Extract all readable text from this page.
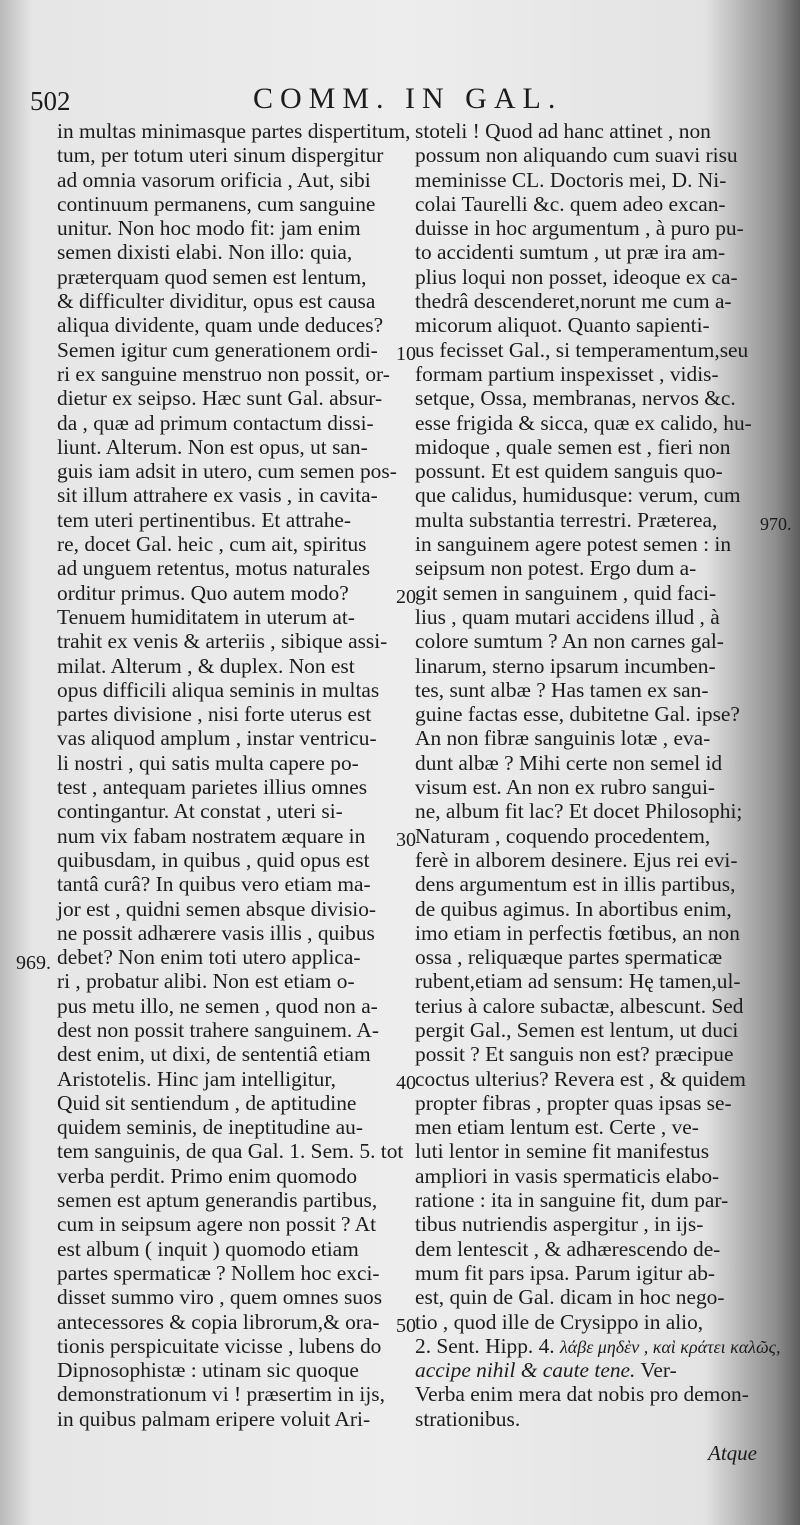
502	COMM. IN GAL.
in multas minimasque partes dispertitum,
tum, per totum uteri sinum dispergitur
ad omnia vasorum orificia , Aut, sibi
continuum permanens, cum sanguine
unitur. Non hoc modo fit: jam enim
semen dixisti elabi. Non illo: quia,
præterquam quod semen est lentum,
& difficulter dividitur, opus est causa
aliqua dividente, quam unde deduces?
Semen igitur cum generationem ordi-
ri ex sanguine menstruo non possit, or-
dietur ex seipso. Hæc sunt Gal. absur-
da , quæ ad primum contactum dissi-
liunt. Alterum. Non est opus, ut san-
guis iam adsit in utero, cum semen pos-
sit illum attrahere ex vasis , in cavita-
tem uteri pertinentibus. Et attrahe-
re, docet Gal. heic , cum ait, spiritus
ad unguem retentus, motus naturales
orditur primus. Quo autem modo?
Tenuem humiditatem in uterum at-
trahit ex venis & arteriis , sibique assi-
milat. Alterum , & duplex. Non est
opus difficili aliqua seminis in multas
partes divisione , nisi forte uterus est
vas aliquod amplum , instar ventricu-
li nostri , qui satis multa capere po-
test , antequam parietes illius omnes
contingantur. At constat , uteri si-
num vix fabam nostratem æquare in
quibusdam, in quibus , quid opus est
tantâ curâ? In quibus vero etiam ma-
jor est , quidni semen absque divisio-
ne possit adhærere vasis illis , quibus
debet? Non enim toti utero applica-
ri , probatur alibi. Non est etiam o-
pus metu illo, ne semen , quod non a-
dest non possit trahere sanguinem. A-
dest enim, ut dixi, de sententiâ etiam
Aristotelis. Hinc jam intelligitur,
Quid sit sentiendum , de aptitudine
quidem seminis, de ineptitudine au-
tem sanguinis, de qua Gal. 1. Sem. 5. tot
verba perdit. Primo enim quomodo
semen est aptum generandis partibus,
cum in seipsum agere non possit ? At
est album ( inquit ) quomodo etiam
partes spermaticæ ? Nollem hoc exci-
disset summo viro , quem omnes suos
antecessores & copia librorum,& ora-
tionis perspicuitate vicisse , lubens do
Dipnosophistæ : utinam sic quoque
demonstrationum vi ! præsertim in ijs,
in quibus palmam eripere voluit Ari-
stoteli ! Quod ad hanc attinet , non
possum non aliquando cum suavi risu
meminisse CL. Doctoris mei, D. Ni-
colai Taurelli &c. quem adeo excan-
duisse in hoc argumentum , à puro pu-
to accidenti sumtum , ut præ ira am-
plius loqui non posset, ideoque ex ca-
thedrâ descenderet,norunt me cum a-
micorum aliquot. Quanto sapienti-
us fecisset Gal., si temperamentum,seu
formam partium inspexisset , vidis-
setque, Ossa, membranas, nervos &c.
esse frigida & sicca, quæ ex calido, hu-
midoque , quale semen est , fieri non
possunt. Et est quidem sanguis quo-
que calidus, humidusque: verum, cum
multa substantia terrestri. Præterea,
in sanguinem agere potest semen : in
seipsum non potest. Ergo dum a-
git semen in sanguinem , quid faci-
lius , quam mutari accidens illud , à
colore sumtum ? An non carnes gal-
linarum, sterno ipsarum incumben-
tes, sunt albæ ? Has tamen ex san-
guine factas esse, dubitetne Gal. ipse?
An non fibræ sanguinis lotæ , eva-
dunt albæ ? Mihi certe non semel id
visum est. An non ex rubro sangui-
ne, album fit lac? Et docet Philosophi;
Naturam , coquendo procedentem,
ferè in alborem desinere. Ejus rei evi-
dens argumentum est in illis partibus,
de quibus agimus. In abortibus enim,
imo etiam in perfectis fœtibus, an non
ossa , reliquæque partes spermaticæ
rubent,etiam ad sensum: Hę tamen,ul-
terius à calore subactæ, albescunt. Sed
pergit Gal., Semen est lentum, ut duci
possit ? Et sanguis non est? præcipue
coctus ulterius? Revera est , & quidem
propter fibras , propter quas ipsas se-
men etiam lentum est. Certe , ve-
luti lentor in semine fit manifestus
ampliori in vasis spermaticis elabo-
ratione : ita in sanguine fit, dum par-
tibus nutriendis aspergitur , in ijs-
dem lentescit , & adhærescendo de-
mum fit pars ipsa. Parum igitur ab-
est, quin de Gal. dicam in hoc nego-
tio , quod ille de Crysippo in alio,
2. Sent. Hipp. 4. λάβε μηδὲν , καὶ κράτει καλῶς,
accipe nihil & caute tene. Ver-
Verba enim mera dat nobis pro demon-
strationibus.
10
20
30
40
50
970.
969.
Atque
